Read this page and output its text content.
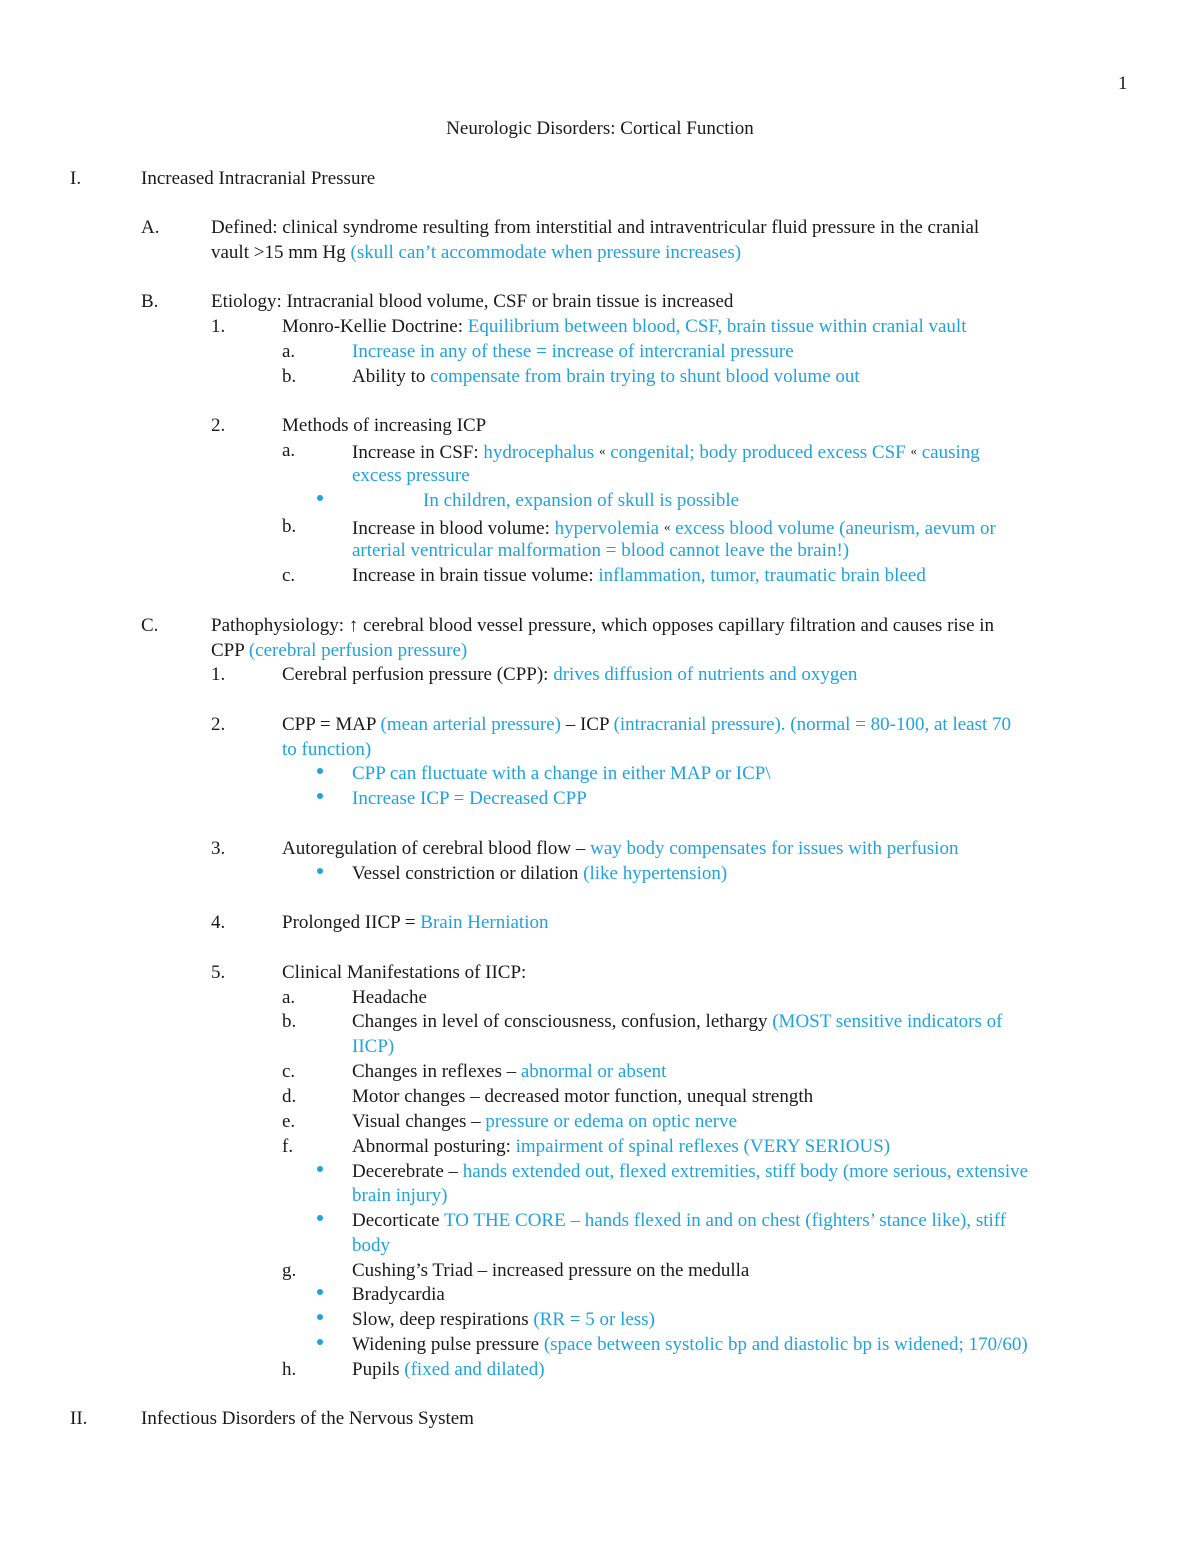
1
Neurologic Disorders: Cortical Function
I.	Increased Intracranial Pressure
A.	Defined: clinical syndrome resulting from interstitial and intraventricular fluid pressure in the cranial
vault >15 mm Hg (skull can’t accommodate when pressure increases)
B.	Etiology: Intracranial blood volume, CSF or brain tissue is increased
1.	Monro-Kellie Doctrine: Equilibrium between blood, CSF, brain tissue within cranial vault
a.	Increase in any of these = increase of intercranial pressure
b.	Ability to compensate from brain trying to shunt blood volume out
2.	Methods of increasing ICP
a.	Increase in CSF: hydrocephalus « congenital; body produced excess CSF « causing
excess pressure
In children, expansion of skull is possible
b.	Increase in blood volume: hypervolemia « excess blood volume (aneurism, aevum or
arterial ventricular malformation = blood cannot leave the brain!)
c.	Increase in brain tissue volume: inflammation, tumor, traumatic brain bleed
C.	Pathophysiology: ↑ cerebral blood vessel pressure, which opposes capillary filtration and causes rise in
CPP (cerebral perfusion pressure)
1.	Cerebral perfusion pressure (CPP): drives diffusion of nutrients and oxygen
2.	CPP = MAP (mean arterial pressure) – ICP (intracranial pressure). (normal = 80-100, at least 70
to function)
CPP can fluctuate with a change in either MAP or ICP\
Increase ICP = Decreased CPP
3.	Autoregulation of cerebral blood flow – way body compensates for issues with perfusion
Vessel constriction or dilation (like hypertension)
4.	Prolonged IICP = Brain Herniation
5.	Clinical Manifestations of IICP:
a.	Headache
b.	Changes in level of consciousness, confusion, lethargy (MOST sensitive indicators of
IICP)
c.	Changes in reflexes – abnormal or absent
d.	Motor changes – decreased motor function, unequal strength
e.	Visual changes – pressure or edema on optic nerve
f.	Abnormal posturing: impairment of spinal reflexes (VERY SERIOUS)
Decerebrate – hands extended out, flexed extremities, stiff body (more serious, extensive
brain injury)
Decorticate TO THE CORE – hands flexed in and on chest (fighters’ stance like), stiff
body
g.	Cushing’s Triad – increased pressure on the medulla
Bradycardia
Slow, deep respirations (RR = 5 or less)
Widening pulse pressure (space between systolic bp and diastolic bp is widened; 170/60)
h.	Pupils (fixed and dilated)
II.	Infectious Disorders of the Nervous System
